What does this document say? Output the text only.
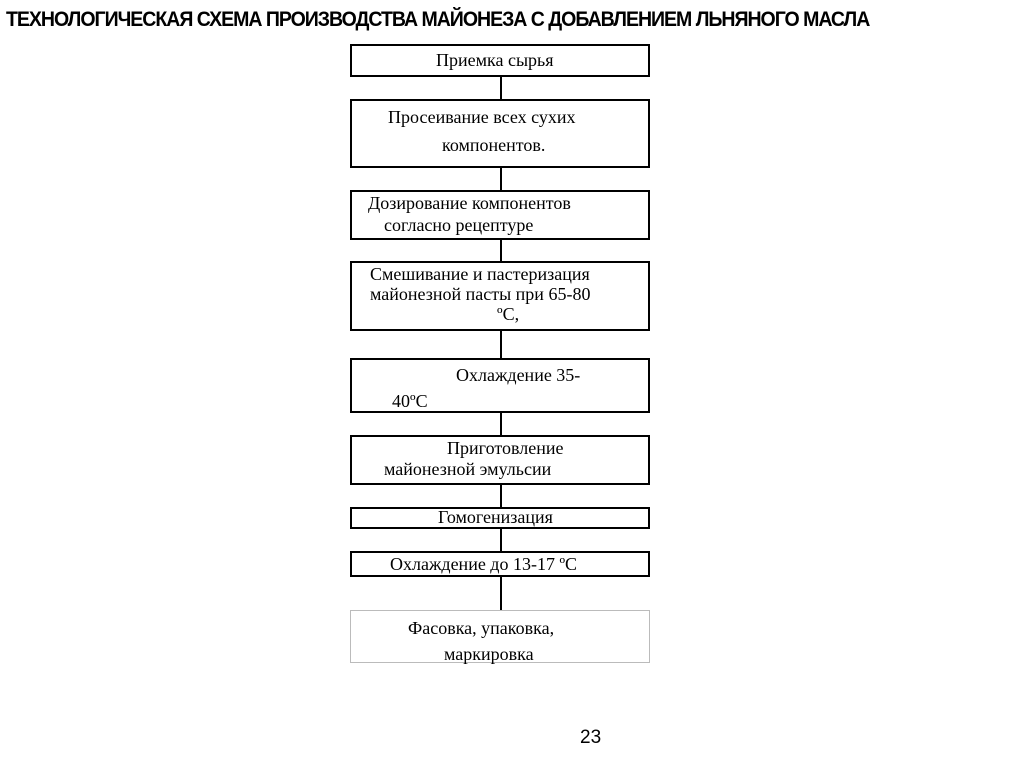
ТЕХНОЛОГИЧЕСКАЯ СХЕМА ПРОИЗВОДСТВА МАЙОНЕЗА С ДОБАВЛЕНИЕМ ЛЬНЯНОГО МАСЛА
Приемка сырья
Просеивание всех сухих
компонентов.
Дозирование компонентов
согласно рецептуре
Смешивание и пастеризация
майонезной пасты при 65-80
ºС,
Охлаждение 35-
40ºС
Приготовление
майонезной эмульсии
Гомогенизация
Охлаждение до 13-17 ºС
Фасовка, упаковка,
маркировка
23
